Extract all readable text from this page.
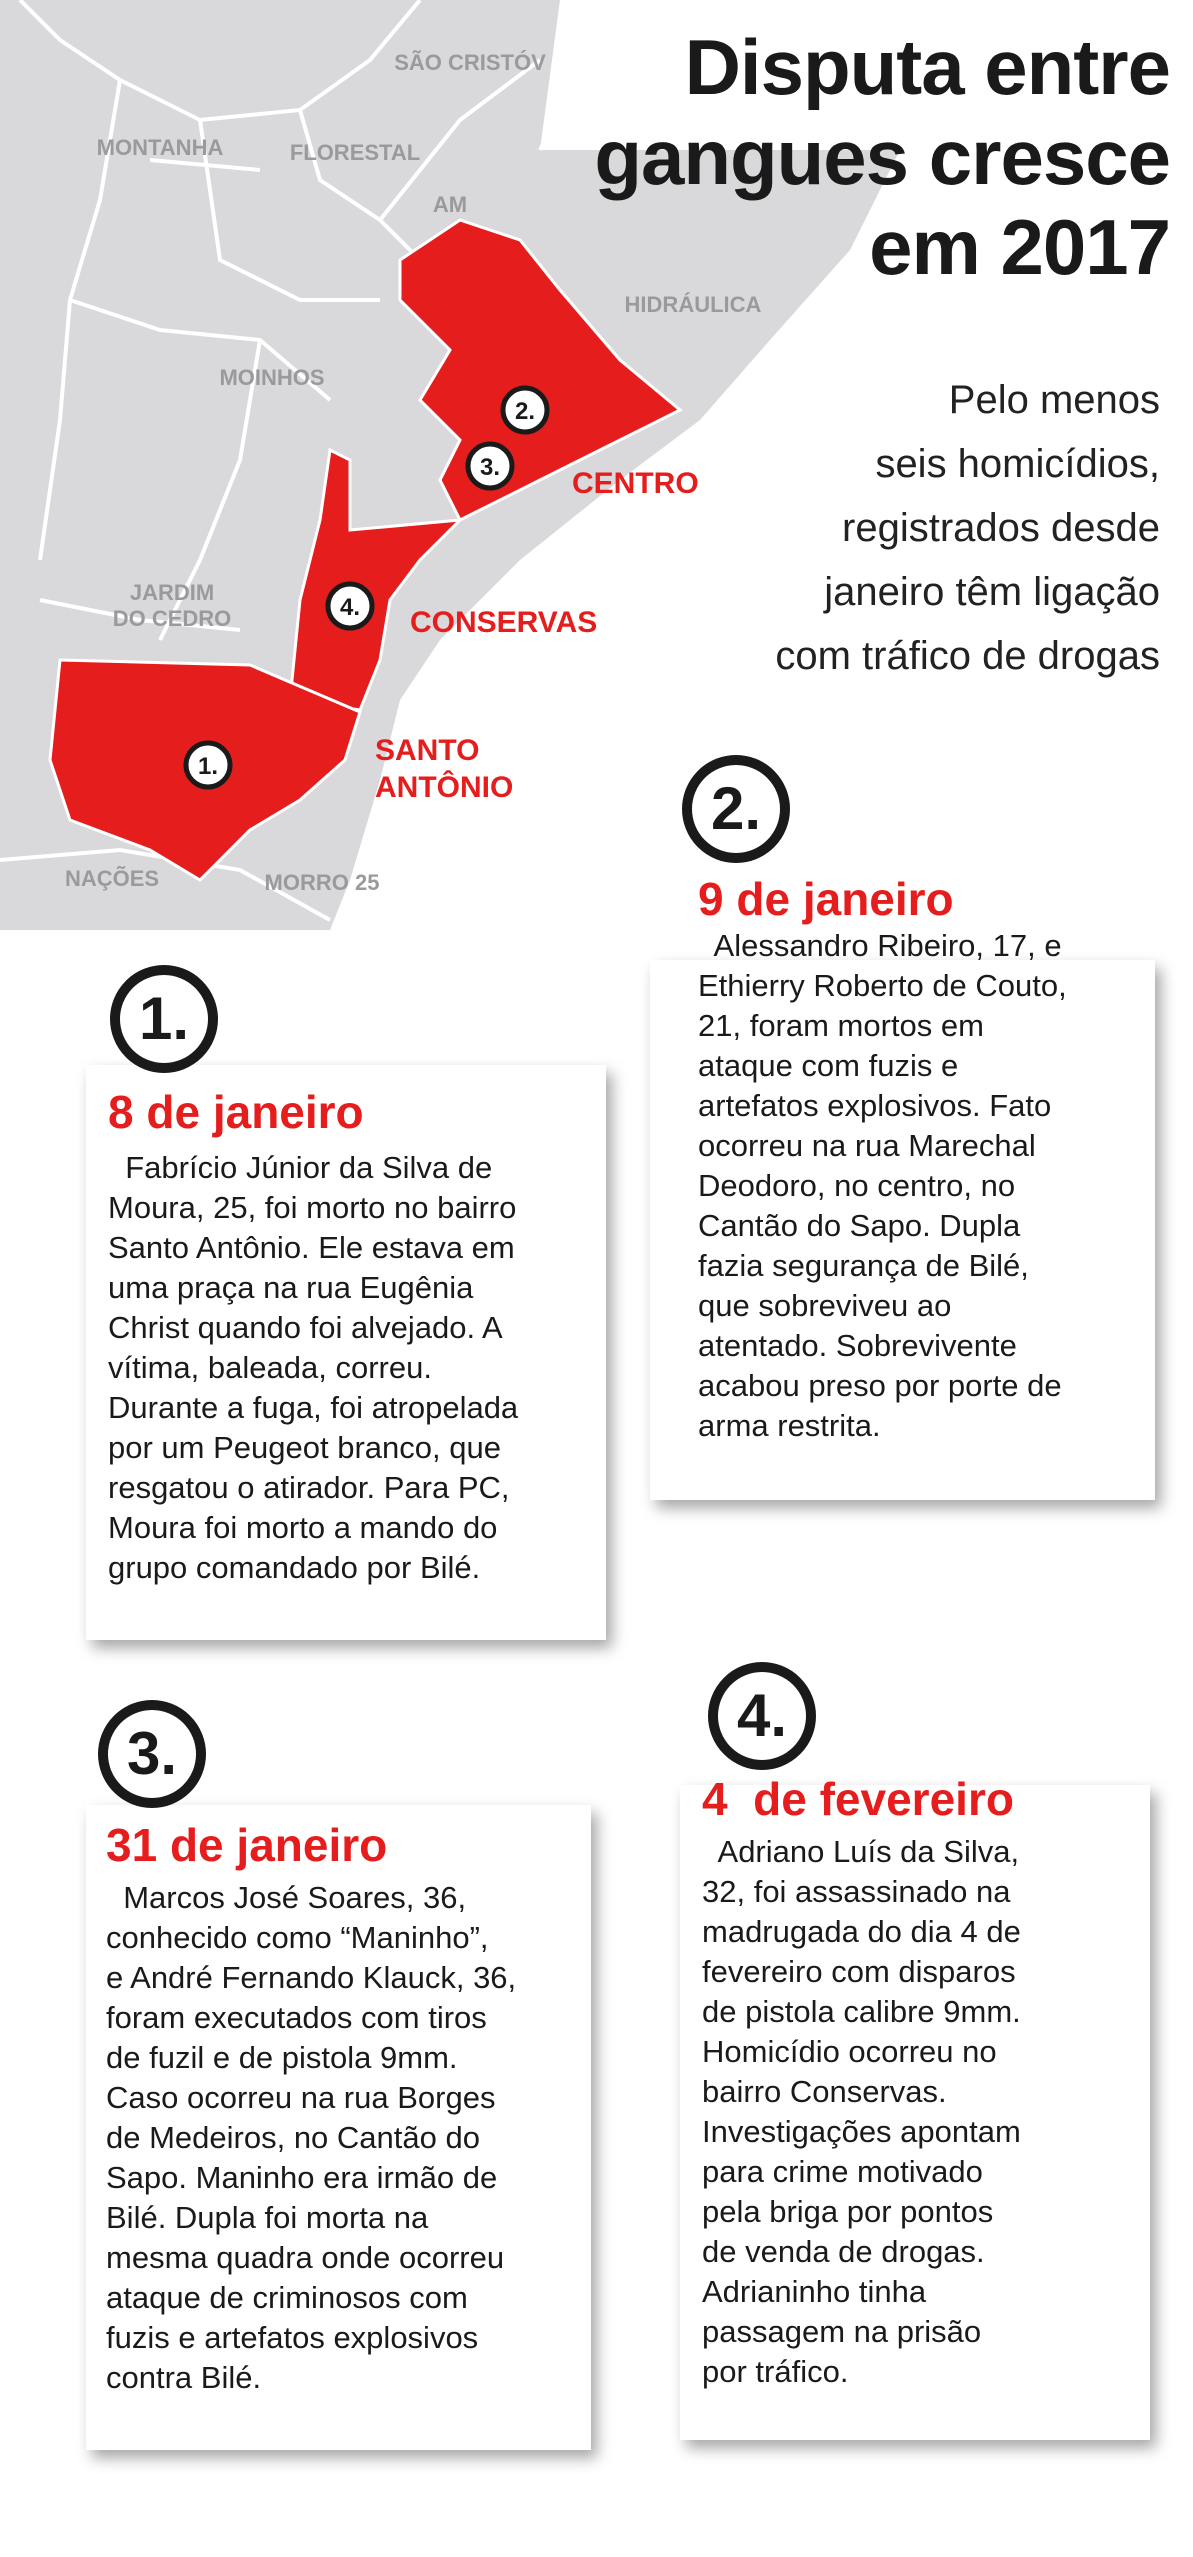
1.
2.
3.
4.
SÃO CRISTÓV
MONTANHA	FLORESTAL
AM
HIDRÁULICA
MOINHOS
JARDIM
DO CEDRO
NAÇÕES	MORRO 25
CENTRO
CONSERVAS
SANTO
ANTÔNIO
Disputa entre
gangues cresce
em 2017
Pelo menos
seis homicídios,
registrados desde
janeiro têm ligação
com tráfico de drogas
1.
8 de janeiro
Fabrício Júnior da Silva de
Moura, 25, foi morto no bairro
Santo Antônio. Ele estava em
uma praça na rua Eugênia
Christ quando foi alvejado. A
vítima, baleada, correu.
Durante a fuga, foi atropelada
por um Peugeot branco, que
resgatou o atirador. Para PC,
Moura foi morto a mando do
grupo comandado por Bilé.
2.
9 de janeiro
Alessandro Ribeiro, 17, e
Ethierry Roberto de Couto,
21, foram mortos em
ataque com fuzis e
artefatos explosivos. Fato
ocorreu na rua Marechal
Deodoro, no centro, no
Cantão do Sapo. Dupla
fazia segurança de Bilé,
que sobreviveu ao
atentado. Sobrevivente
acabou preso por porte de
arma restrita.
3.
31 de janeiro
Marcos José Soares, 36,
conhecido como “Maninho”,
e André Fernando Klauck, 36,
foram executados com tiros
de fuzil e de pistola 9mm.
Caso ocorreu na rua Borges
de Medeiros, no Cantão do
Sapo. Maninho era irmão de
Bilé. Dupla foi morta na
mesma quadra onde ocorreu
ataque de criminosos com
fuzis e artefatos explosivos
contra Bilé.
4.
4  de fevereiro
Adriano Luís da Silva,
32, foi assassinado na
madrugada do dia 4 de
fevereiro com disparos
de pistola calibre 9mm.
Homicídio ocorreu no
bairro Conservas.
Investigações apontam
para crime motivado
pela briga por pontos
de venda de drogas.
Adrianinho tinha
passagem na prisão
por tráfico.
